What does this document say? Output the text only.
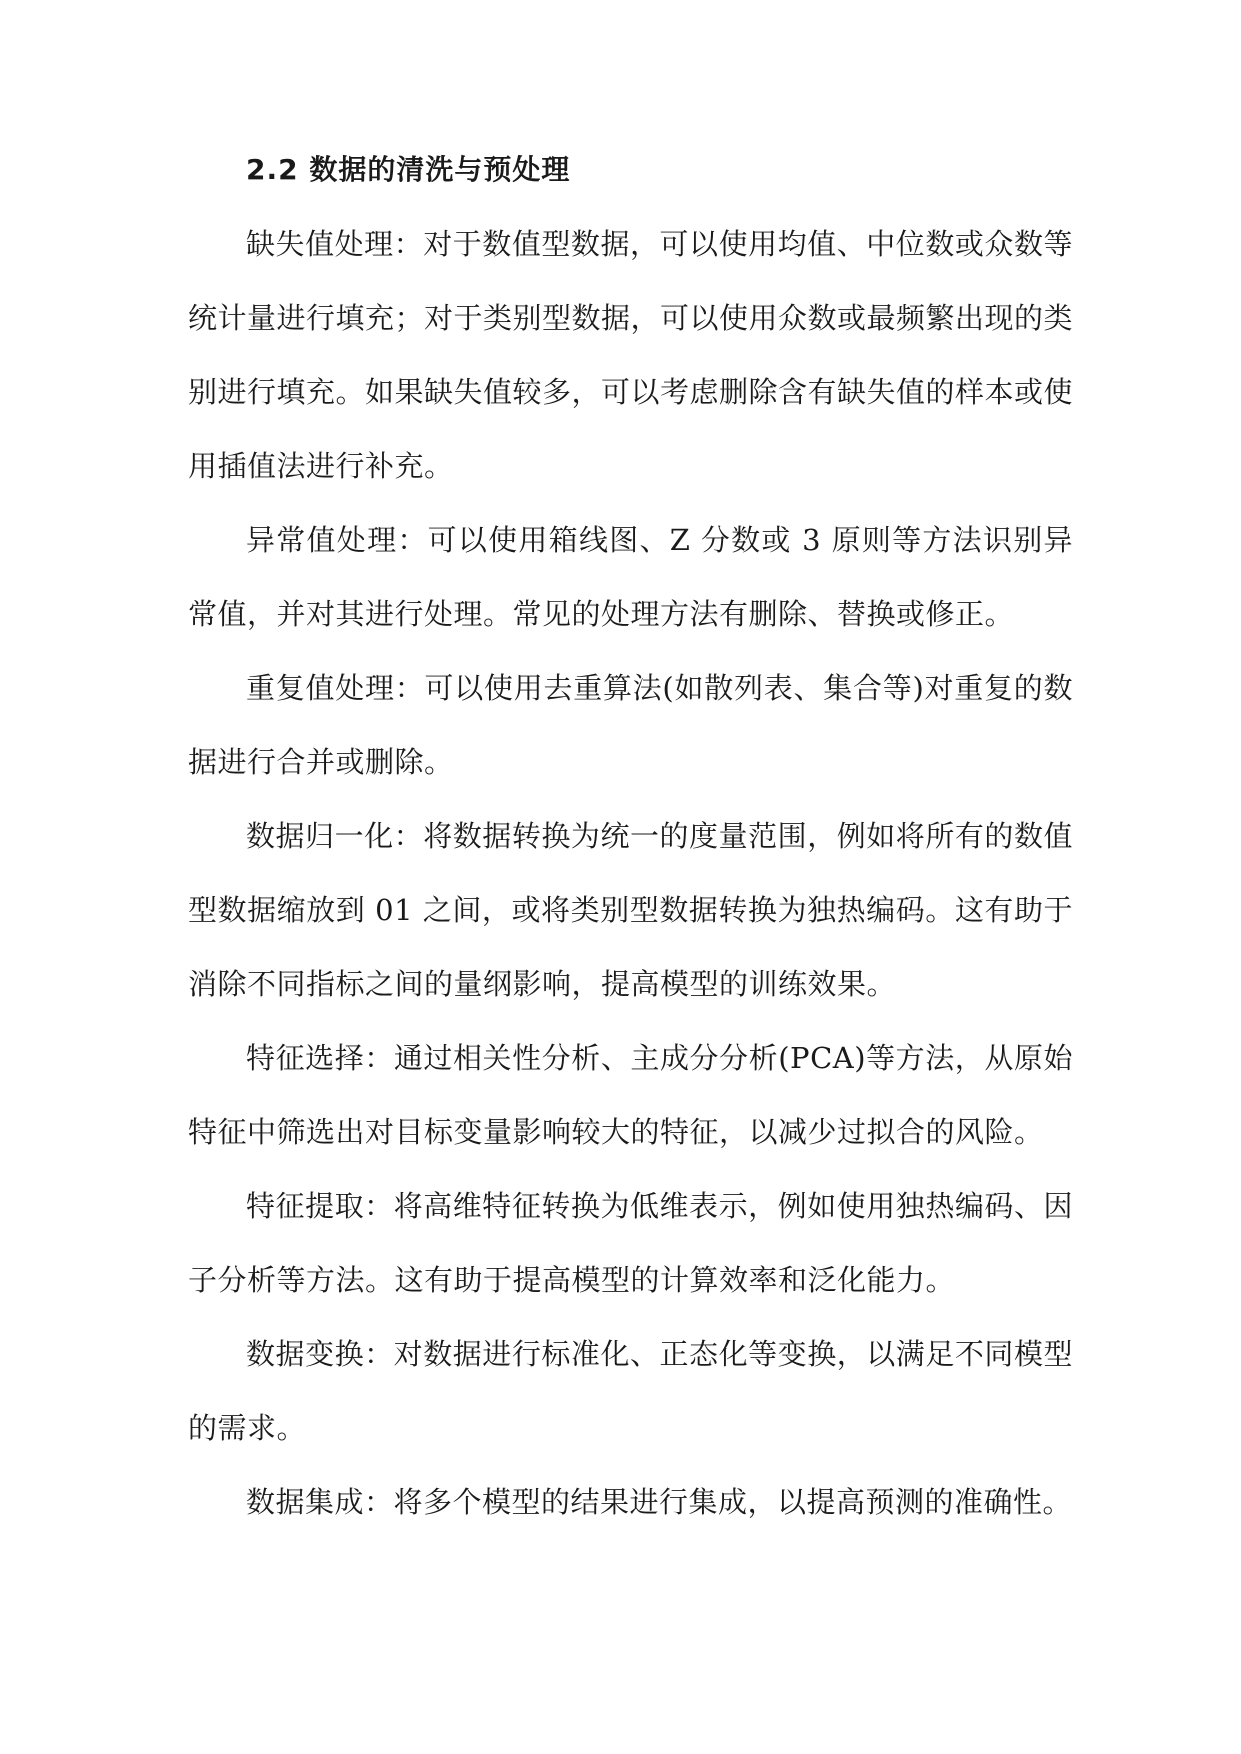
2.2 数据的清洗与预处理

缺失值处理：对于数值型数据，可以使用均值、中位数或众数等统计量进行填充；对于类别型数据，可以使用众数或最频繁出现的类别进行填充。如果缺失值较多，可以考虑删除含有缺失值的样本或使用插值法进行补充。

异常值处理：可以使用箱线图、Z 分数或 3 原则等方法识别异常值，并对其进行处理。常见的处理方法有删除、替换或修正。

重复值处理：可以使用去重算法(如散列表、集合等)对重复的数据进行合并或删除。

数据归一化：将数据转换为统一的度量范围，例如将所有的数值型数据缩放到 01 之间，或将类别型数据转换为独热编码。这有助于消除不同指标之间的量纲影响，提高模型的训练效果。

特征选择：通过相关性分析、主成分分析(PCA)等方法，从原始特征中筛选出对目标变量影响较大的特征，以减少过拟合的风险。

特征提取：将高维特征转换为低维表示，例如使用独热编码、因子分析等方法。这有助于提高模型的计算效率和泛化能力。

数据变换：对数据进行标准化、正态化等变换，以满足不同模型的需求。

数据集成：将多个模型的结果进行集成，以提高预测的准确性。
